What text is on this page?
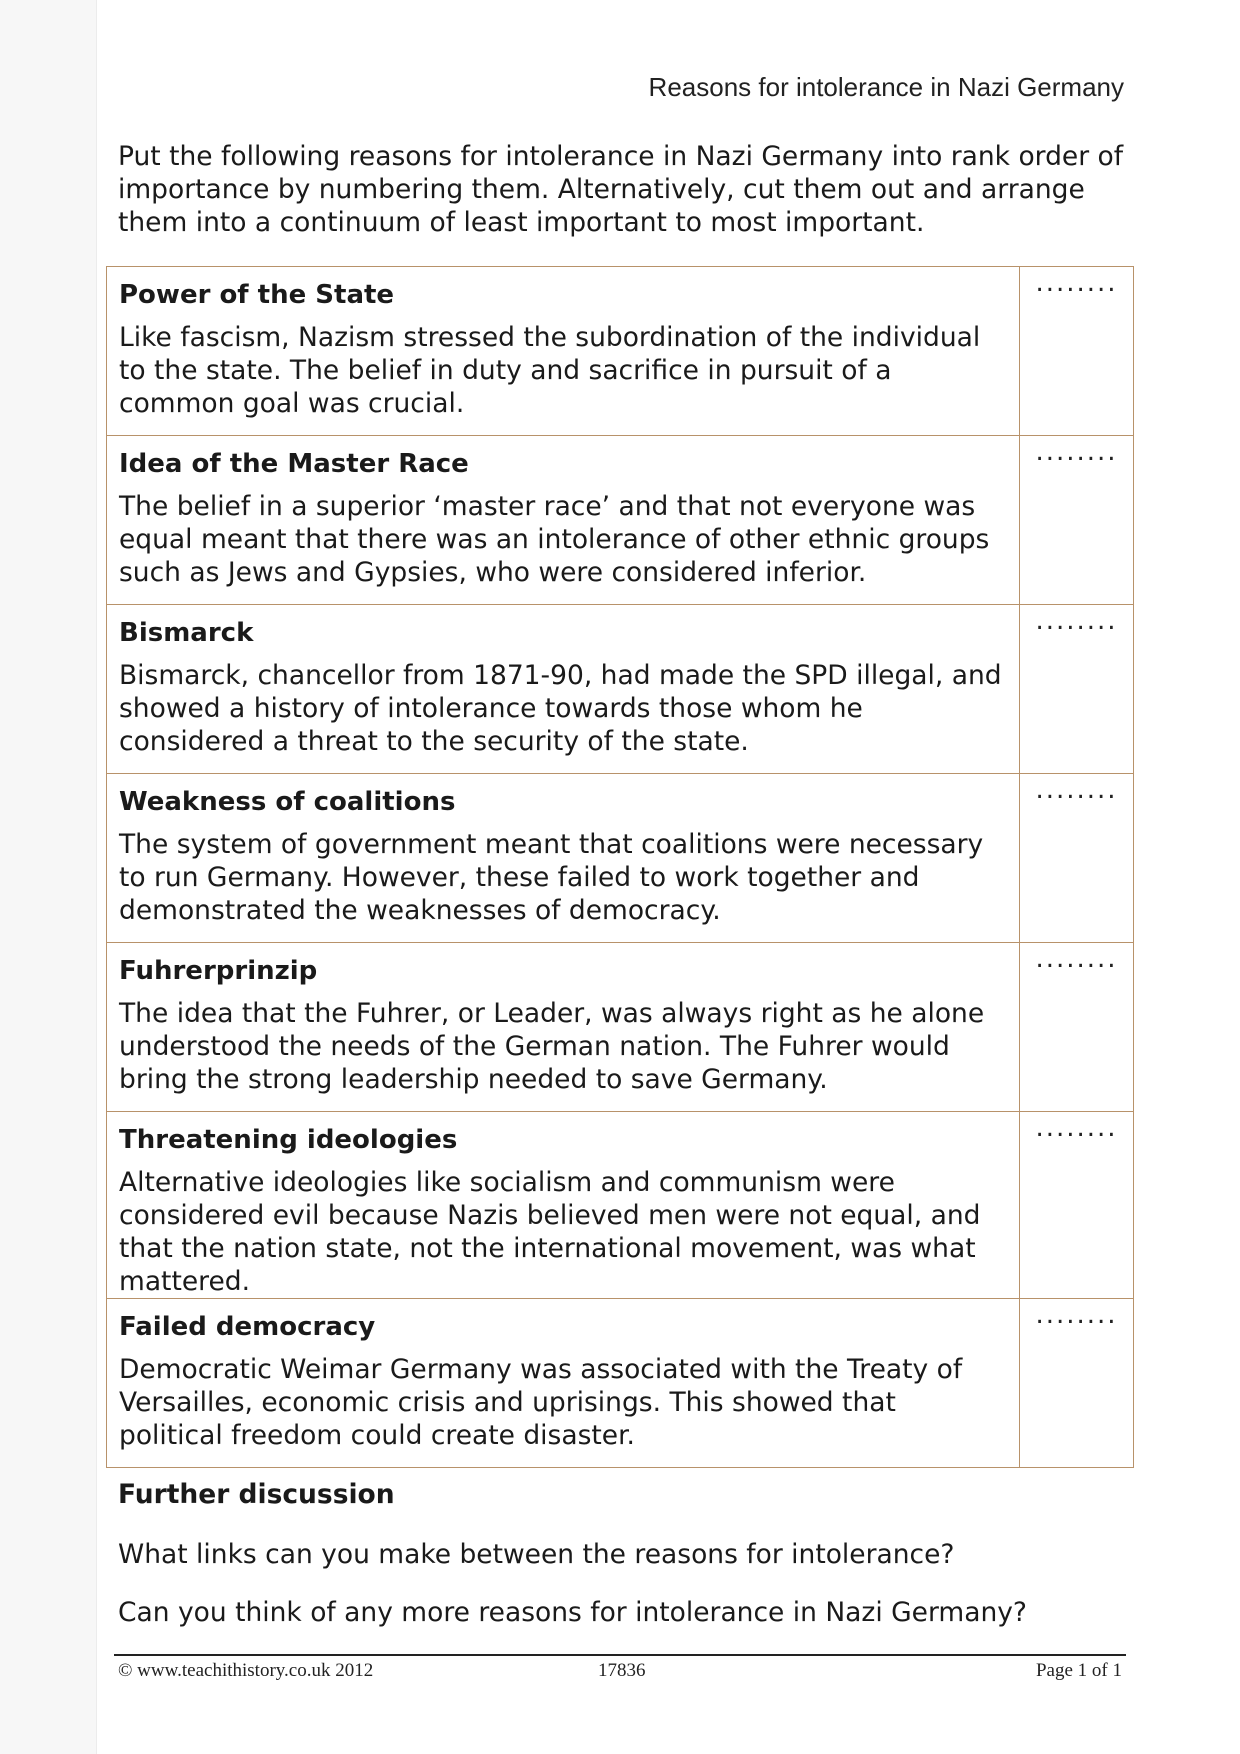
Reasons for intolerance in Nazi Germany
Put the following reasons for intolerance in Nazi Germany into rank order of importance by numbering them. Alternatively, cut them out and arrange them into a continuum of least important to most important.
Power of the State
Like fascism, Nazism stressed the subordination of the individual to the state. The belief in duty and sacrifice in pursuit of a common goal was crucial.	........

Idea of the Master Race
The belief in a superior ‘master race’ and that not everyone was equal meant that there was an intolerance of other ethnic groups such as Jews and Gypsies, who were considered inferior.	........

Bismarck
Bismarck, chancellor from 1871-90, had made the SPD illegal, and showed a history of intolerance towards those whom he considered a threat to the security of the state.	........

Weakness of coalitions
The system of government meant that coalitions were necessary to run Germany. However, these failed to work together and demonstrated the weaknesses of democracy.	........

Fuhrerprinzip
The idea that the Fuhrer, or Leader, was always right as he alone understood the needs of the German nation. The Fuhrer would bring the strong leadership needed to save Germany.	........

Threatening ideologies
Alternative ideologies like socialism and communism were considered evil because Nazis believed men were not equal, and that the nation state, not the international movement, was what mattered.	........

Failed democracy
Democratic Weimar Germany was associated with the Treaty of Versailles, economic crisis and uprisings. This showed that political freedom could create disaster.	........
Further discussion
What links can you make between the reasons for intolerance?
Can you think of any more reasons for intolerance in Nazi Germany?
© www.teachithistory.co.uk 2012	17836	Page 1 of 1
